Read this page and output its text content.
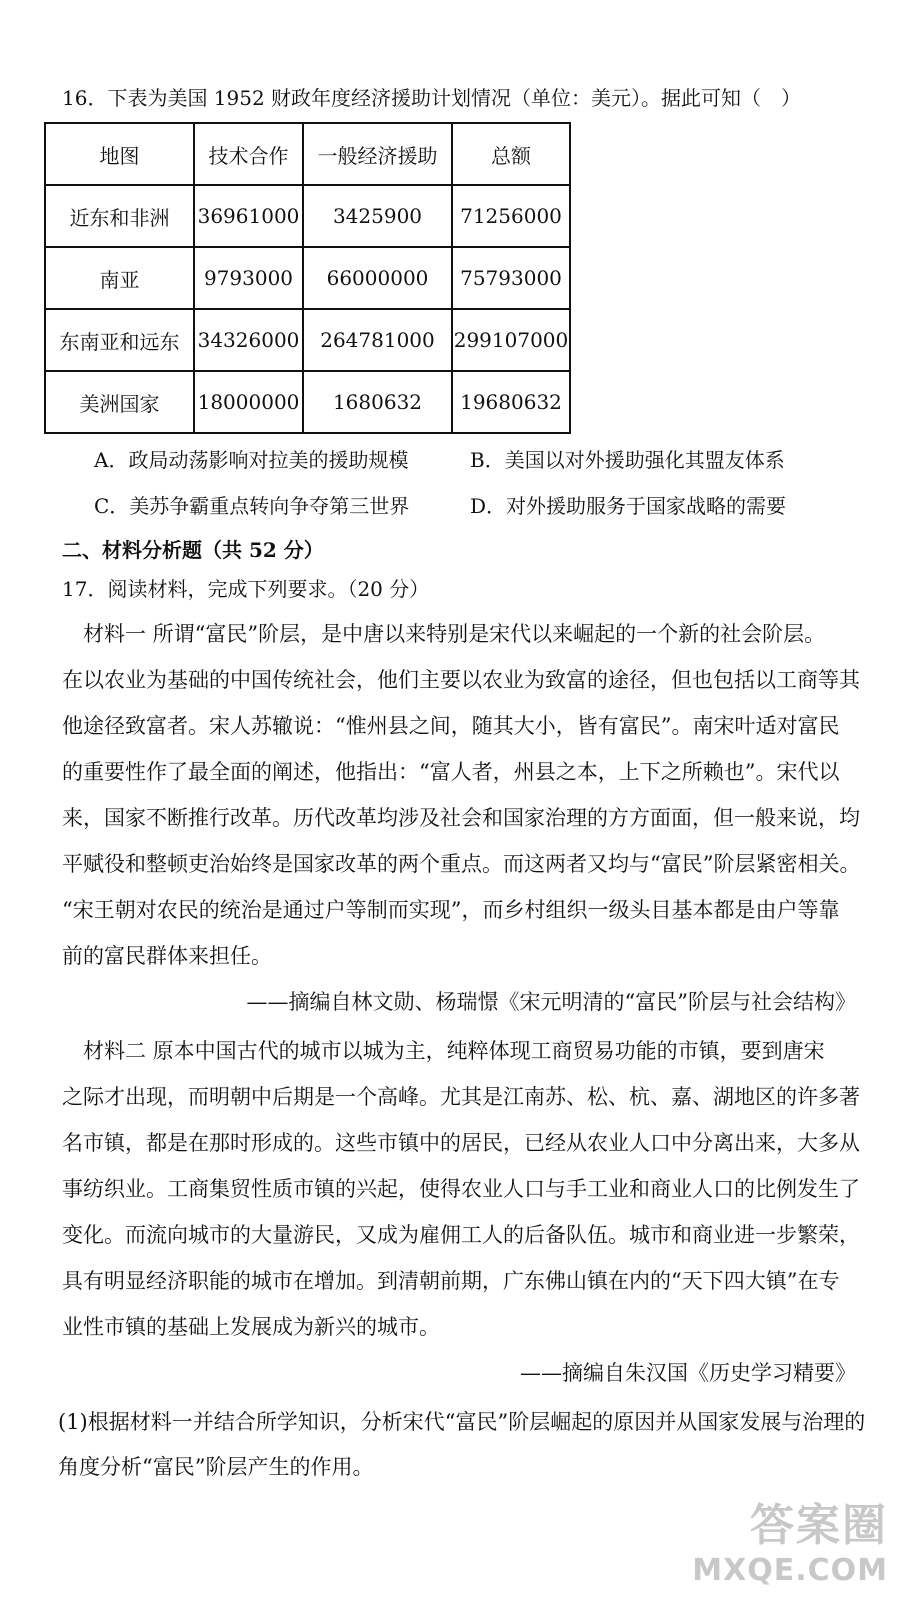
16．下表为美国 1952 财政年度经济援助计划情况（单位：美元）。据此可知（　）
地图	技术合作	一般经济援助	总额
近东和非洲	36961000	3425900	71256000
南亚	9793000	66000000	75793000
东南亚和远东	34326000	264781000	299107000
美洲国家	18000000	1680632	19680632
A．政局动荡影响对拉美的援助规模	B．美国以对外援助强化其盟友体系
C．美苏争霸重点转向争夺第三世界	D．对外援助服务于国家战略的需要
二、材料分析题（共 52 分）
17．阅读材料，完成下列要求。（20 分）

　材料一 所谓“富民”阶层，是中唐以来特别是宋代以来崛起的一个新的社会阶层。

在以农业为基础的中国传统社会，他们主要以农业为致富的途径，但也包括以工商等其

他途径致富者。宋人苏辙说：“惟州县之间，随其大小，皆有富民”。南宋叶适对富民

的重要性作了最全面的阐述，他指出：“富人者，州县之本，上下之所赖也”。宋代以

来，国家不断推行改革。历代改革均涉及社会和国家治理的方方面面，但一般来说，均

平赋役和整顿吏治始终是国家改革的两个重点。而这两者又均与“富民”阶层紧密相关。

“宋王朝对农民的统治是通过户等制而实现”，而乡村组织一级头目基本都是由户等靠

前的富民群体来担任。

——摘编自林文勋、杨瑞憬《宋元明清的“富民”阶层与社会结构》

　材料二 原本中国古代的城市以城为主，纯粹体现工商贸易功能的市镇，要到唐宋

之际才出现，而明朝中后期是一个高峰。尤其是江南苏、松、杭、嘉、湖地区的许多著

名市镇，都是在那时形成的。这些市镇中的居民，已经从农业人口中分离出来，大多从

事纺织业。工商集贸性质市镇的兴起，使得农业人口与手工业和商业人口的比例发生了

变化。而流向城市的大量游民，又成为雇佣工人的后备队伍。城市和商业进一步繁荣，

具有明显经济职能的城市在增加。到清朝前期，广东佛山镇在内的“天下四大镇”在专

业性市镇的基础上发展成为新兴的城市。

——摘编自朱汉国《历史学习精要》

(1)根据材料一并结合所学知识，分析宋代“富民”阶层崛起的原因并从国家发展与治理的

角度分析“富民”阶层产生的作用。

答案圈
MXQE.COM
